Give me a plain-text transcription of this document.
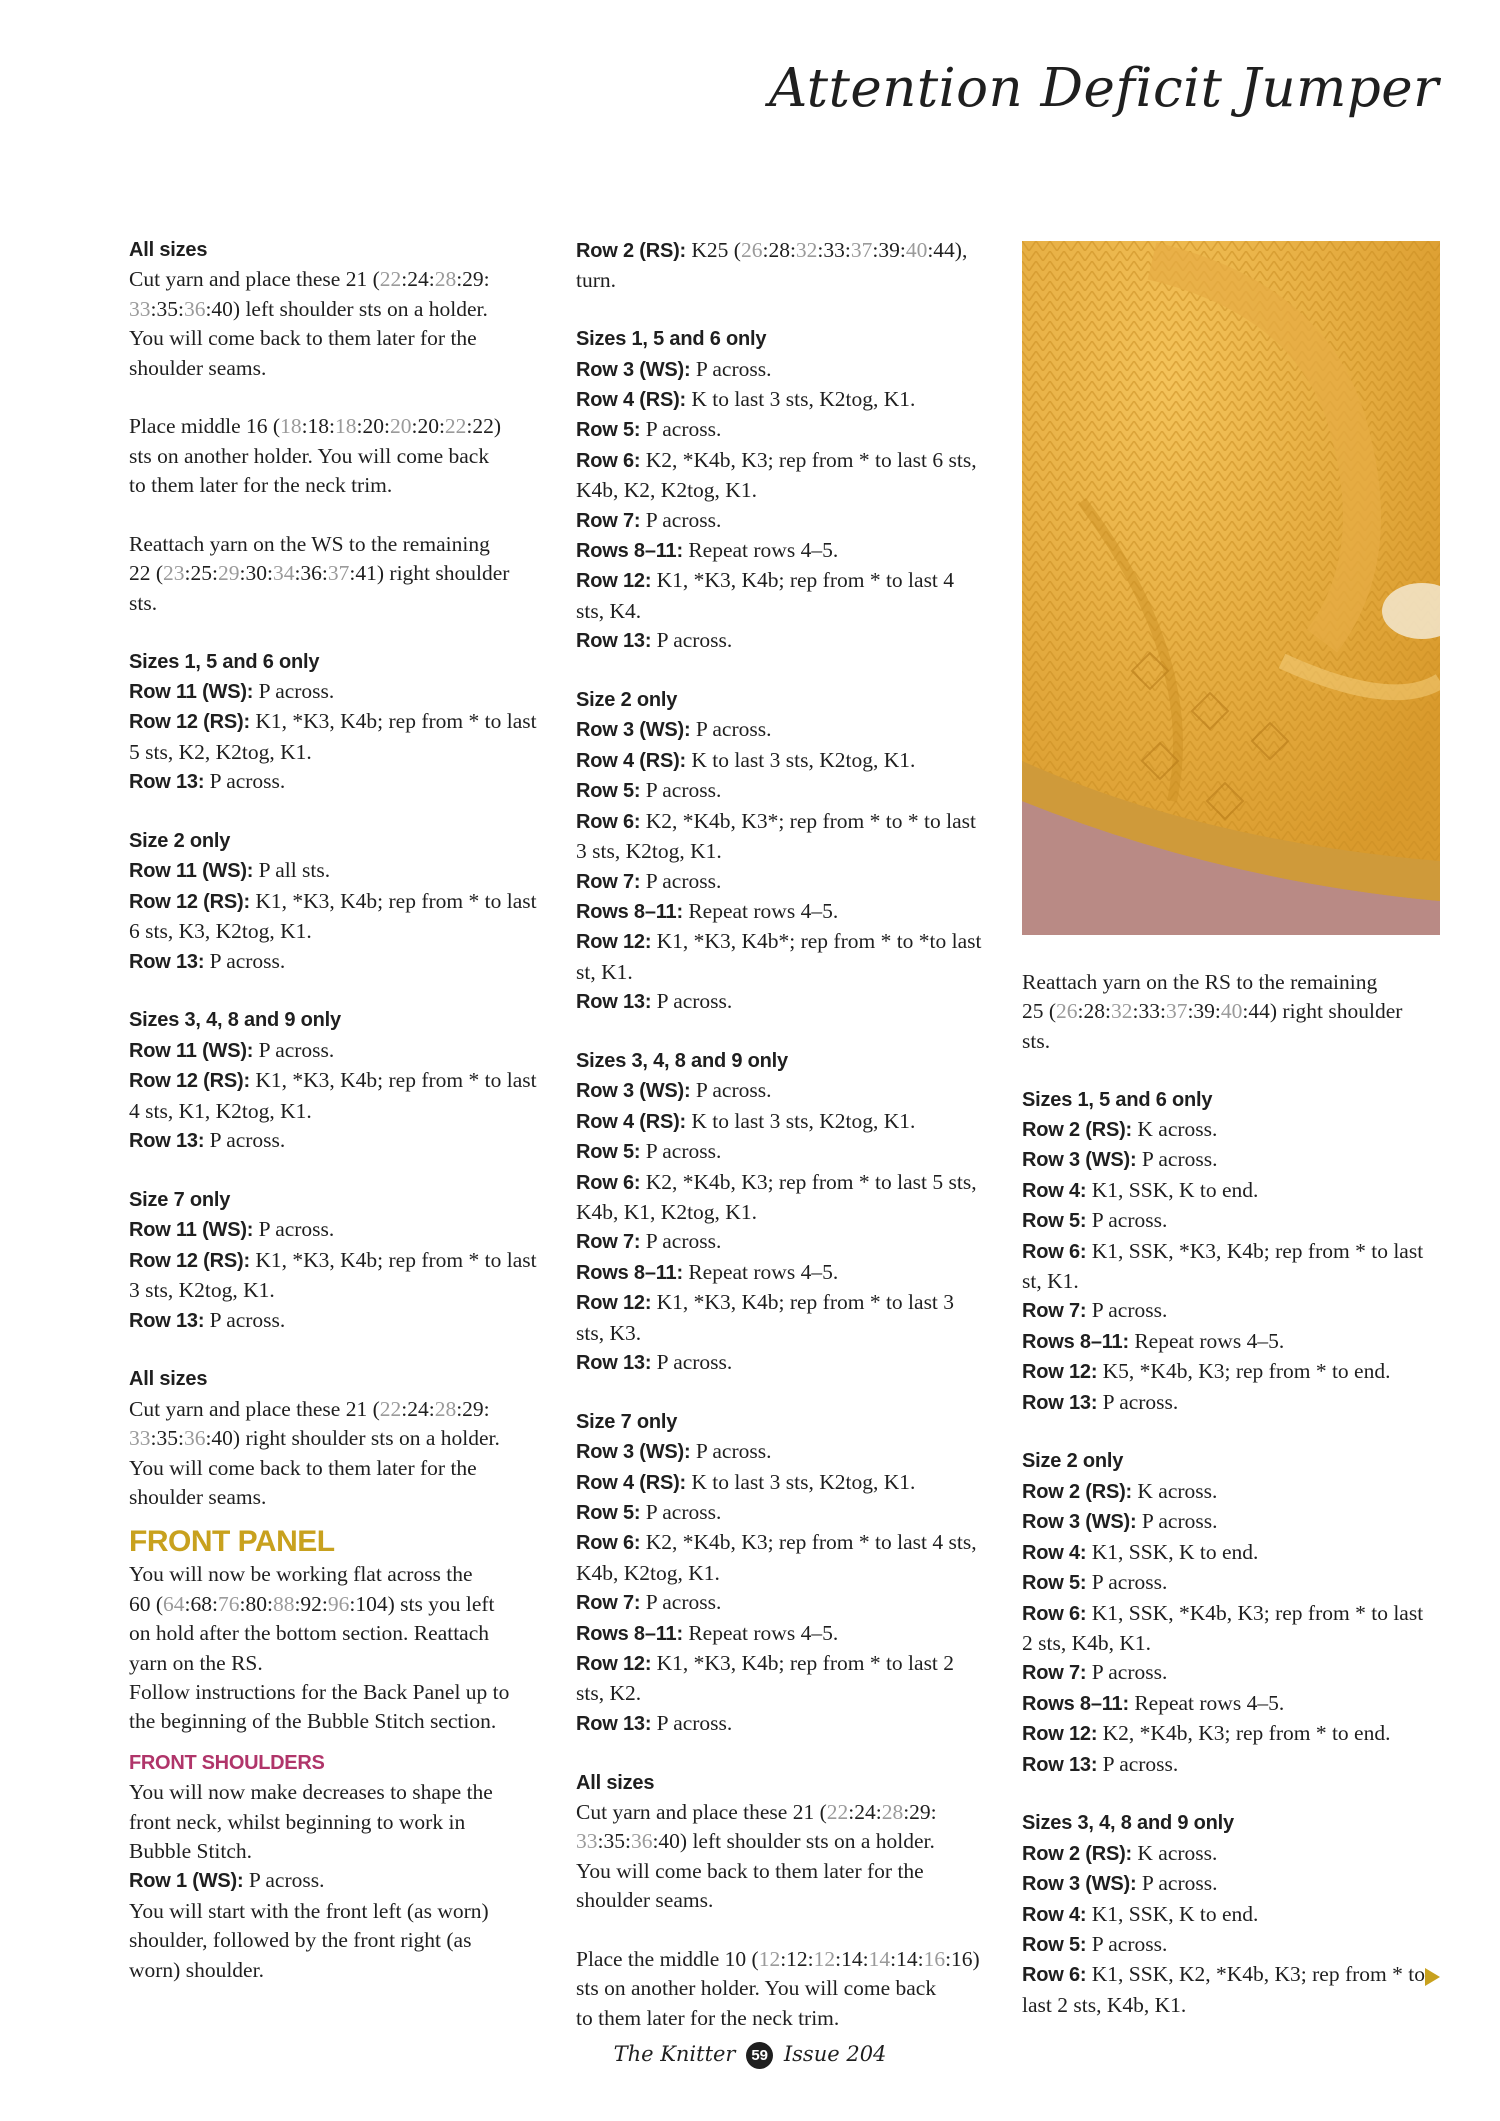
Attention Deficit Jumper
All sizes
Cut yarn and place these 21 (22:24:28:29:
33:35:36:40) left shoulder sts on a holder.
You will come back to them later for the
shoulder seams.
Place middle 16 (18:18:18:20:20:20:22:22)
sts on another holder. You will come back
to them later for the neck trim.
Reattach yarn on the WS to the remaining
22 (23:25:29:30:34:36:37:41) right shoulder
sts.
Sizes 1, 5 and 6 only
Row 11 (WS): P across.
Row 12 (RS): K1, *K3, K4b; rep from * to last
5 sts, K2, K2tog, K1.
Row 13: P across.
Size 2 only
Row 11 (WS): P all sts.
Row 12 (RS): K1, *K3, K4b; rep from * to last
6 sts, K3, K2tog, K1.
Row 13: P across.
Sizes 3, 4, 8 and 9 only
Row 11 (WS): P across.
Row 12 (RS): K1, *K3, K4b; rep from * to last
4 sts, K1, K2tog, K1.
Row 13: P across.
Size 7 only
Row 11 (WS): P across.
Row 12 (RS): K1, *K3, K4b; rep from * to last
3 sts, K2tog, K1.
Row 13: P across.
All sizes
Cut yarn and place these 21 (22:24:28:29:
33:35:36:40) right shoulder sts on a holder.
You will come back to them later for the
shoulder seams.
FRONT PANEL
You will now be working flat across the
60 (64:68:76:80:88:92:96:104) sts you left
on hold after the bottom section. Reattach
yarn on the RS.
Follow instructions for the Back Panel up to
the beginning of the Bubble Stitch section.
FRONT SHOULDERS
You will now make decreases to shape the
front neck, whilst beginning to work in
Bubble Stitch.
Row 1 (WS): P across.
You will start with the front left (as worn)
shoulder, followed by the front right (as
worn) shoulder.
Row 2 (RS): K25 (26:28:32:33:37:39:40:44),
turn.
Sizes 1, 5 and 6 only
Row 3 (WS): P across.
Row 4 (RS): K to last 3 sts, K2tog, K1.
Row 5: P across.
Row 6: K2, *K4b, K3; rep from * to last 6 sts,
K4b, K2, K2tog, K1.
Row 7: P across.
Rows 8–11: Repeat rows 4–5.
Row 12: K1, *K3, K4b; rep from * to last 4
sts, K4.
Row 13: P across.
Size 2 only
Row 3 (WS): P across.
Row 4 (RS): K to last 3 sts, K2tog, K1.
Row 5: P across.
Row 6: K2, *K4b, K3*; rep from * to * to last
3 sts, K2tog, K1.
Row 7: P across.
Rows 8–11: Repeat rows 4–5.
Row 12: K1, *K3, K4b*; rep from * to *to last
st, K1.
Row 13: P across.
Sizes 3, 4, 8 and 9 only
Row 3 (WS): P across.
Row 4 (RS): K to last 3 sts, K2tog, K1.
Row 5: P across.
Row 6: K2, *K4b, K3; rep from * to last 5 sts,
K4b, K1, K2tog, K1.
Row 7: P across.
Rows 8–11: Repeat rows 4–5.
Row 12: K1, *K3, K4b; rep from * to last 3
sts, K3.
Row 13: P across.
Size 7 only
Row 3 (WS): P across.
Row 4 (RS): K to last 3 sts, K2tog, K1.
Row 5: P across.
Row 6: K2, *K4b, K3; rep from * to last 4 sts,
K4b, K2tog, K1.
Row 7: P across.
Rows 8–11: Repeat rows 4–5.
Row 12: K1, *K3, K4b; rep from * to last 2
sts, K2.
Row 13: P across.
All sizes
Cut yarn and place these 21 (22:24:28:29:
33:35:36:40) left shoulder sts on a holder.
You will come back to them later for the
shoulder seams.
Place the middle 10 (12:12:12:14:14:14:16:16)
sts on another holder. You will come back
to them later for the neck trim.
Reattach yarn on the RS to the remaining
25 (26:28:32:33:37:39:40:44) right shoulder
sts.
Sizes 1, 5 and 6 only
Row 2 (RS): K across.
Row 3 (WS): P across.
Row 4: K1, SSK, K to end.
Row 5: P across.
Row 6: K1, SSK, *K3, K4b; rep from * to last
st, K1.
Row 7: P across.
Rows 8–11: Repeat rows 4–5.
Row 12: K5, *K4b, K3; rep from * to end.
Row 13: P across.
Size 2 only
Row 2 (RS): K across.
Row 3 (WS): P across.
Row 4: K1, SSK, K to end.
Row 5: P across.
Row 6: K1, SSK, *K4b, K3; rep from * to last
2 sts, K4b, K1.
Row 7: P across.
Rows 8–11: Repeat rows 4–5.
Row 12: K2, *K4b, K3; rep from * to end.
Row 13: P across.
Sizes 3, 4, 8 and 9 only
Row 2 (RS): K across.
Row 3 (WS): P across.
Row 4: K1, SSK, K to end.
Row 5: P across.
Row 6: K1, SSK, K2, *K4b, K3; rep from * to
last 2 sts, K4b, K1.
The Knitter 59 Issue 204
